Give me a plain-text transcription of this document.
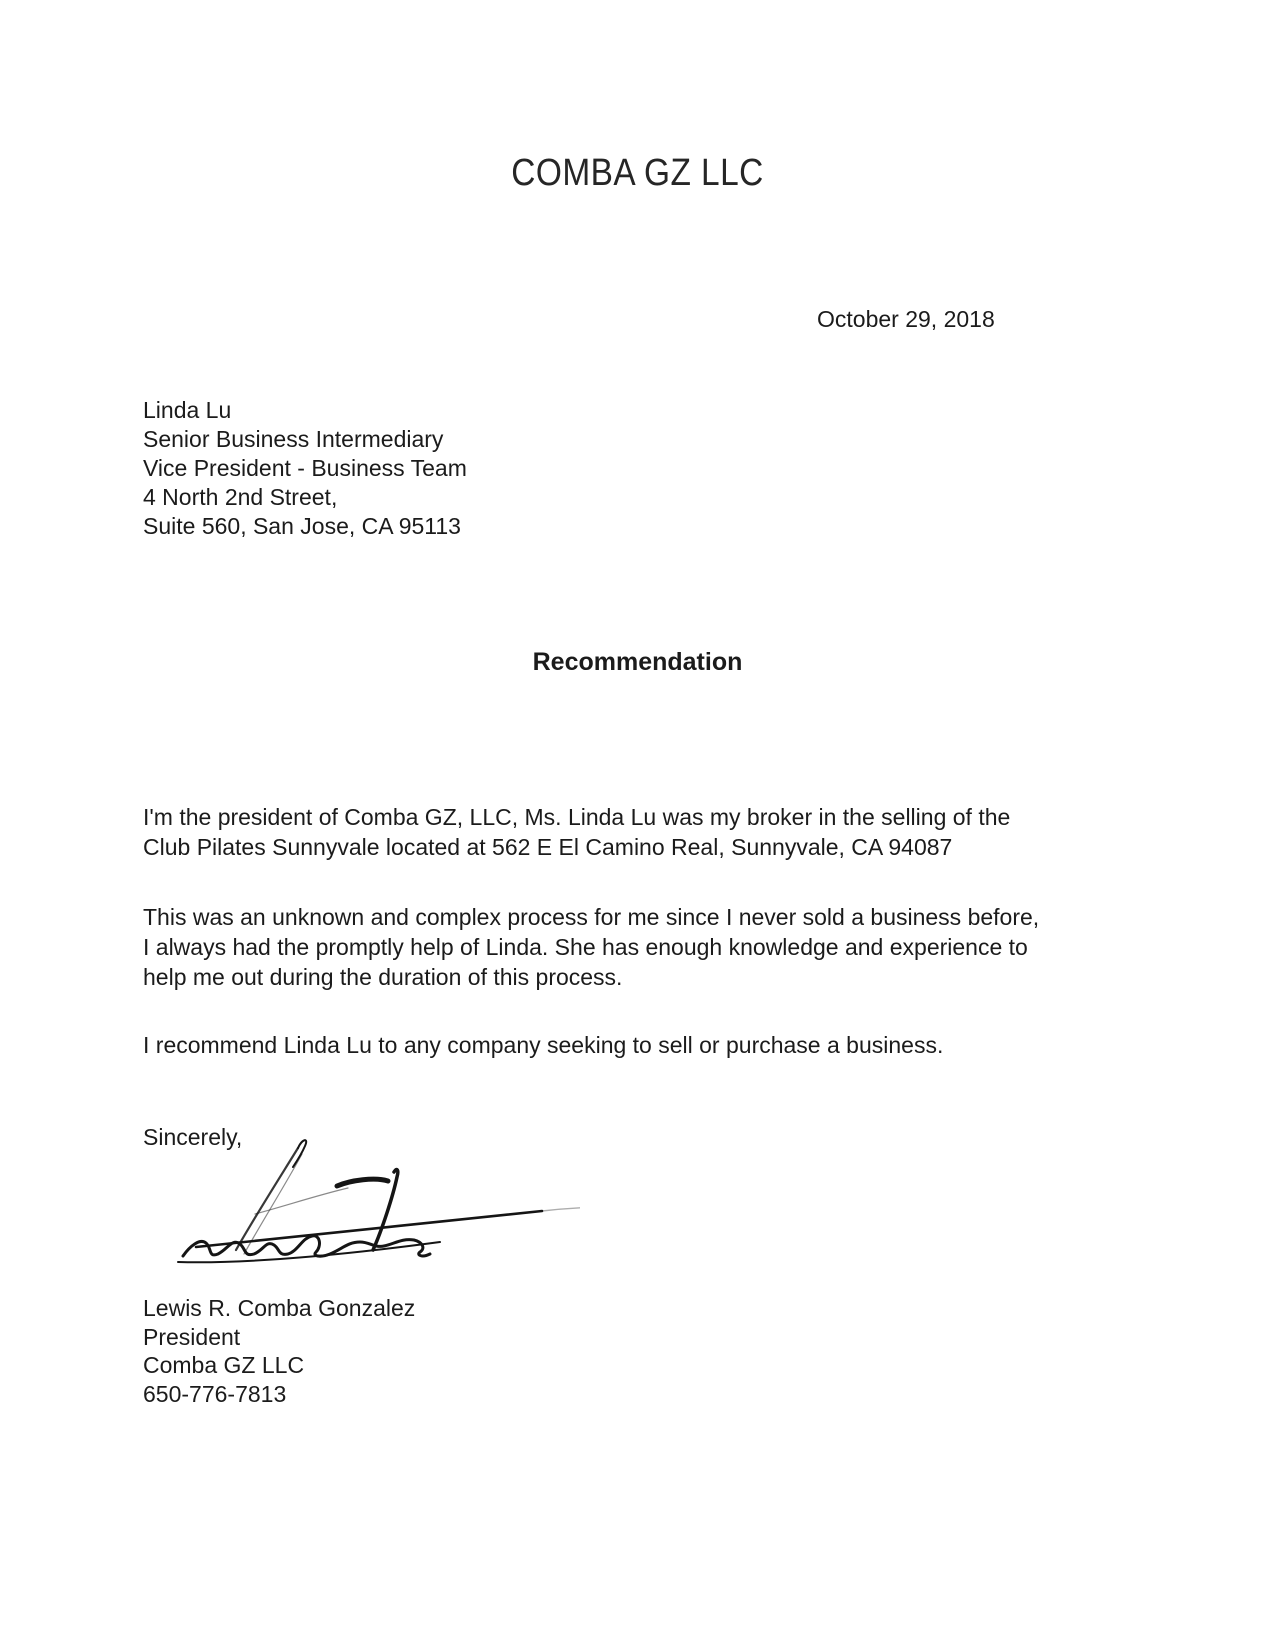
COMBA GZ LLC
October 29, 2018
Linda Lu
Senior Business Intermediary
Vice President - Business Team
4 North 2nd Street,
Suite 560, San Jose, CA 95113
Recommendation
I'm the president of Comba GZ, LLC, Ms. Linda Lu was my broker in the selling of the
Club Pilates Sunnyvale located at 562 E El Camino Real, Sunnyvale, CA 94087
This was an unknown and complex process for me since I never sold a business before,
I always had the promptly help of Linda. She has enough knowledge and experience to
help me out during the duration of this process.
I recommend Linda Lu to any company seeking to sell or purchase a business.
Sincerely,
Lewis R. Comba Gonzalez
President
Comba GZ LLC
650-776-7813
